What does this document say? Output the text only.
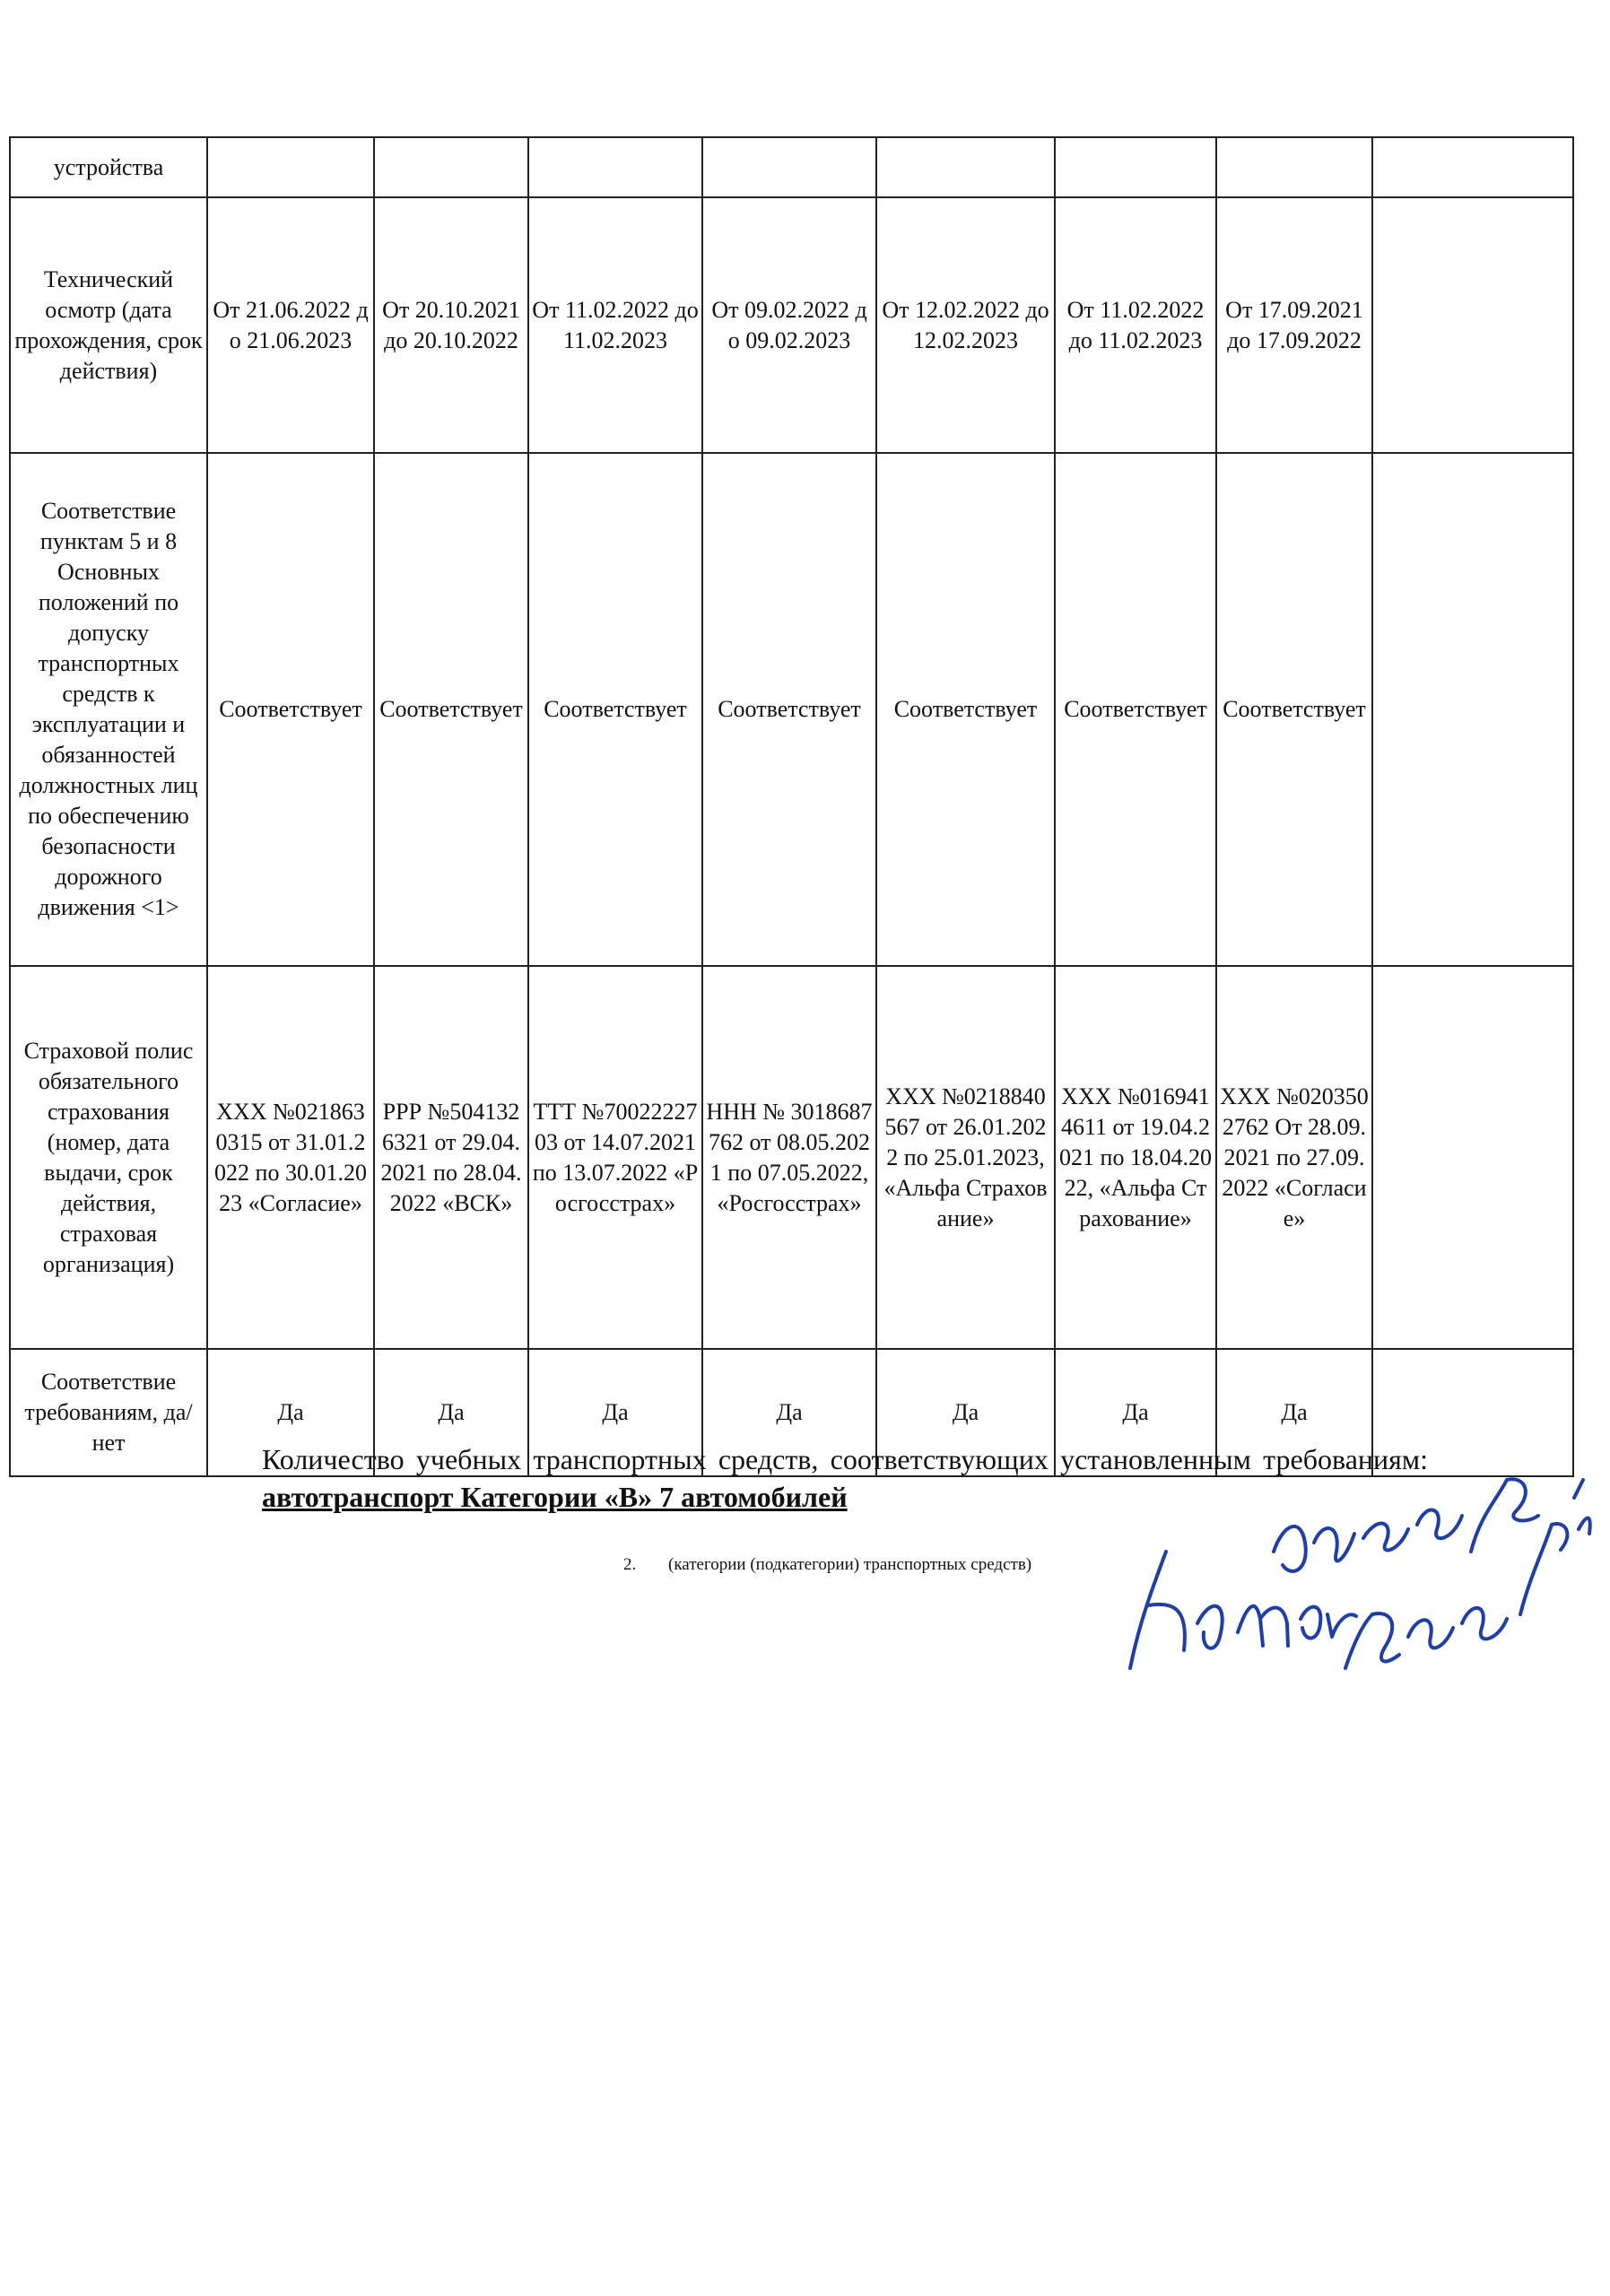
устройства								
Технический осмотр (дата прохождения, срок действия)	От 21.06.2022 до 21.06.2023	От 20.10.2021 до 20.10.2022	От 11.02.2022 до 11.02.2023	От 09.02.2022 до 09.02.2023	От 12.02.2022 до 12.02.2023	От 11.02.2022 до 11.02.2023	От 17.09.2021 до 17.09.2022	
Соответствие пунктам 5 и 8 Основных положений по допуску транспортных средств к эксплуатации и обязанностей должностных лиц по обеспечению безопасности дорожного движения <1>	Соответствует	Соответствует	Соответствует	Соответствует	Соответствует	Соответствует	Соответствует	
Страховой полис обязательного страхования (номер, дата выдачи, срок действия, страховая организация)	ХХХ №0218630315 от 31.01.2022 по 30.01.2023 «Согласие»	РРР №5041326321 от 29.04.2021 по 28.04.2022 «ВСК»	ТТТ №7002222703 от 14.07.2021 по 13.07.2022 «Росгосстрах»	ННН № 3018687762 от 08.05.2021 по 07.05.2022, «Росгосстрах»	ХХХ №0218840567 от 26.01.2022 по 25.01.2023, «Альфа Страхование»	ХХХ №0169414611 от 19.04.2021 по 18.04.2022, «Альфа Страхование»	ХХХ №0203502762 От 28.09.2021 по 27.09.2022 «Согласие»	
Соответствие требованиям, да/нет	Да	Да	Да	Да	Да	Да	Да	

Количество учебных транспортных средств, соответствующих установленным требованиям: автотранспорт Категории «В» 7 автомобилей

2. (категории (подкатегории) транспортных средств)
